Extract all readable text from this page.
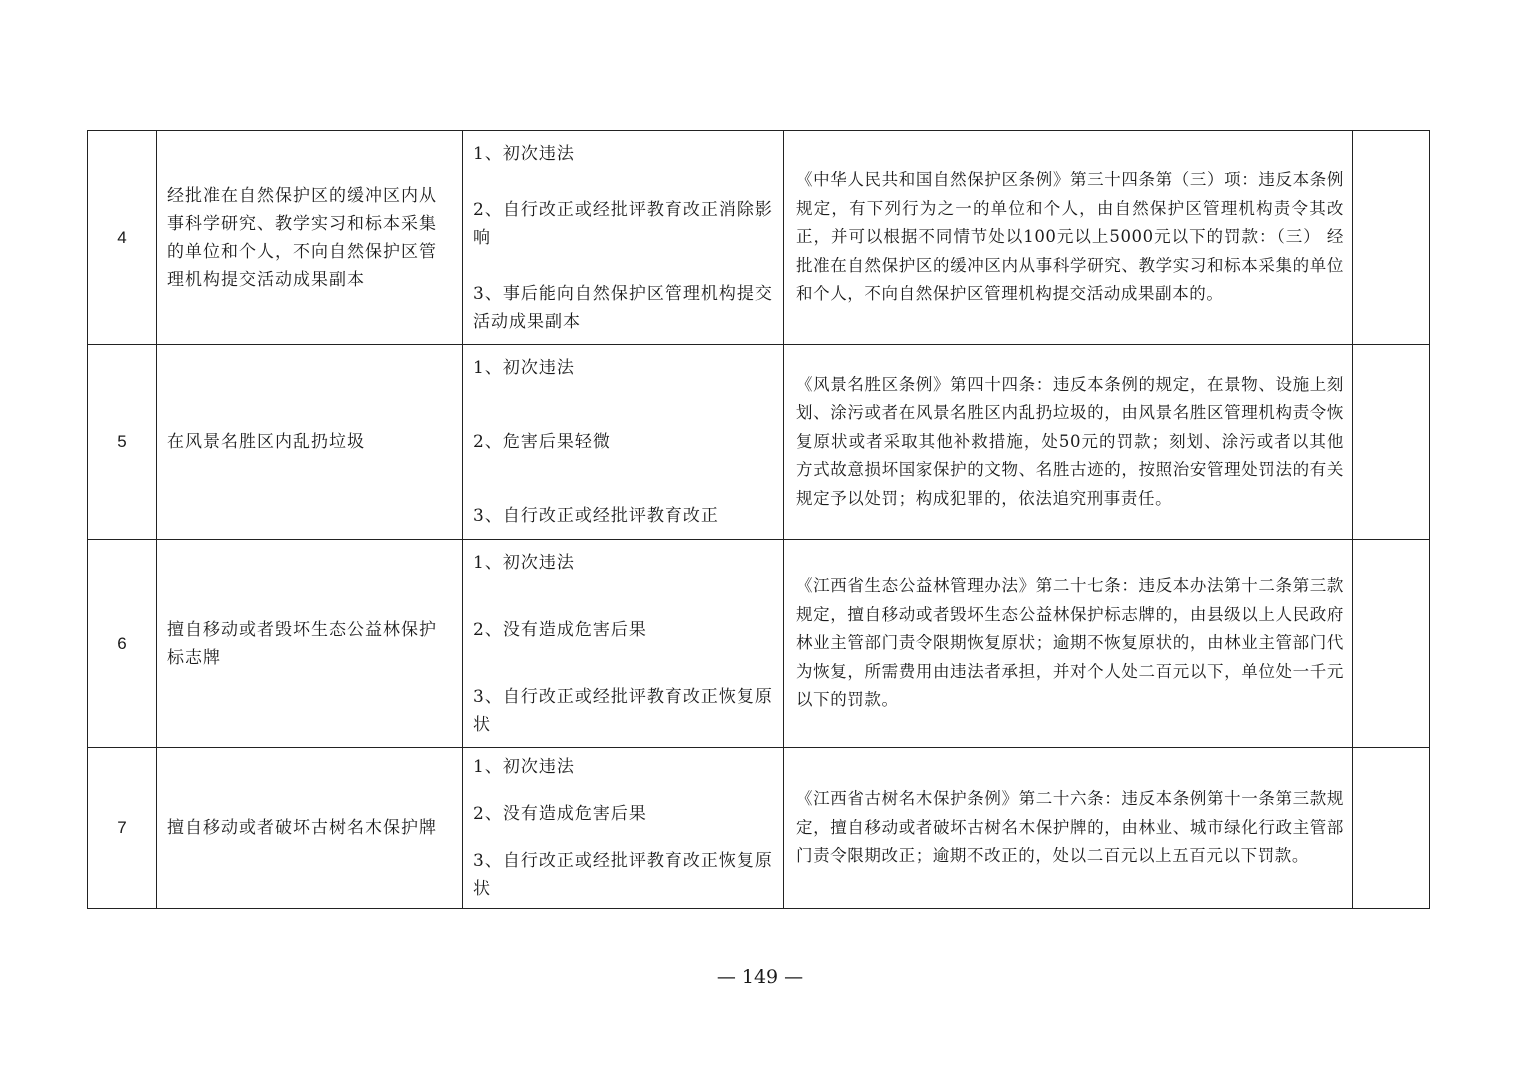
4	经批准在自然保护区的缓冲区内从事科学研究、教学实习和标本采集的单位和个人，不向自然保护区管理机构提交活动成果副本	1、初次违法
2、自行改正或经批评教育改正消除影响
3、事后能向自然保护区管理机构提交活动成果副本	《中华人民共和国自然保护区条例》第三十四条第（三）项：违反本条例规定，有下列行为之一的单位和个人，由自然保护区管理机构责令其改正，并可以根据不同情节处以100元以上5000元以下的罚款：（三） 经批准在自然保护区的缓冲区内从事科学研究、教学实习和标本采集的单位和个人，不向自然保护区管理机构提交活动成果副本的。	
5	在风景名胜区内乱扔垃圾	1、初次违法
2、危害后果轻微
3、自行改正或经批评教育改正	《风景名胜区条例》第四十四条：违反本条例的规定，在景物、设施上刻划、涂污或者在风景名胜区内乱扔垃圾的，由风景名胜区管理机构责令恢复原状或者采取其他补救措施，处50元的罚款；刻划、涂污或者以其他方式故意损坏国家保护的文物、名胜古迹的，按照治安管理处罚法的有关规定予以处罚；构成犯罪的，依法追究刑事责任。	
6	擅自移动或者毁坏生态公益林保护标志牌	1、初次违法
2、没有造成危害后果
3、自行改正或经批评教育改正恢复原状	《江西省生态公益林管理办法》第二十七条：违反本办法第十二条第三款规定，擅自移动或者毁坏生态公益林保护标志牌的，由县级以上人民政府林业主管部门责令限期恢复原状；逾期不恢复原状的，由林业主管部门代为恢复，所需费用由违法者承担，并对个人处二百元以下，单位处一千元以下的罚款。	
7	擅自移动或者破坏古树名木保护牌	1、初次违法
2、没有造成危害后果
3、自行改正或经批评教育改正恢复原状	《江西省古树名木保护条例》第二十六条：违反本条例第十一条第三款规定，擅自移动或者破坏古树名木保护牌的，由林业、城市绿化行政主管部门责令限期改正；逾期不改正的，处以二百元以上五百元以下罚款。	
— 149 —
